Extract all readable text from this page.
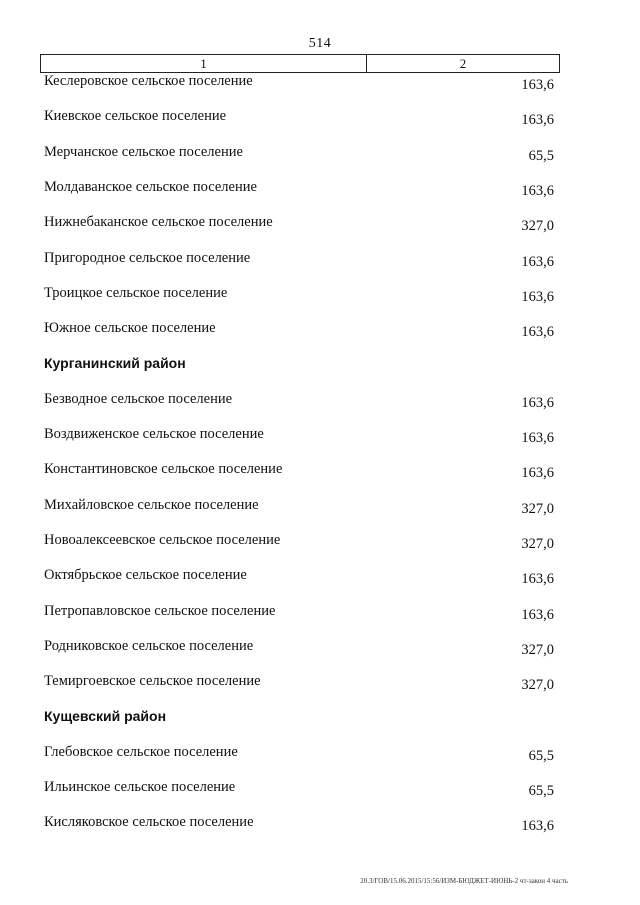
514
1	2
Кеслеровское сельское поселение	163,6
Киевское сельское поселение	163,6
Мерчанское сельское поселение	65,5
Молдаванское сельское поселение	163,6
Нижнебаканское сельское поселение	327,0
Пригородное сельское поселение	163,6
Троицкое сельское поселение	163,6
Южное сельское поселение	163,6
Курганинский район
Безводное сельское поселение	163,6
Воздвиженское сельское поселение	163,6
Константиновское сельское поселение	163,6
Михайловское сельское поселение	327,0
Новоалексеевское сельское поселение	327,0
Октябрьское сельское поселение	163,6
Петропавловское сельское поселение	163,6
Родниковское сельское поселение	327,0
Темиргоевское сельское поселение	327,0
Кущевский район
Глебовское сельское поселение	65,5
Ильинское сельское поселение	65,5
Кисляковское сельское поселение	163,6
20.3/ГОВ/15.06.2015/15:56/ИЗМ-БЮДЖЕТ-ИЮНЬ-2 чт-закон 4 часть
